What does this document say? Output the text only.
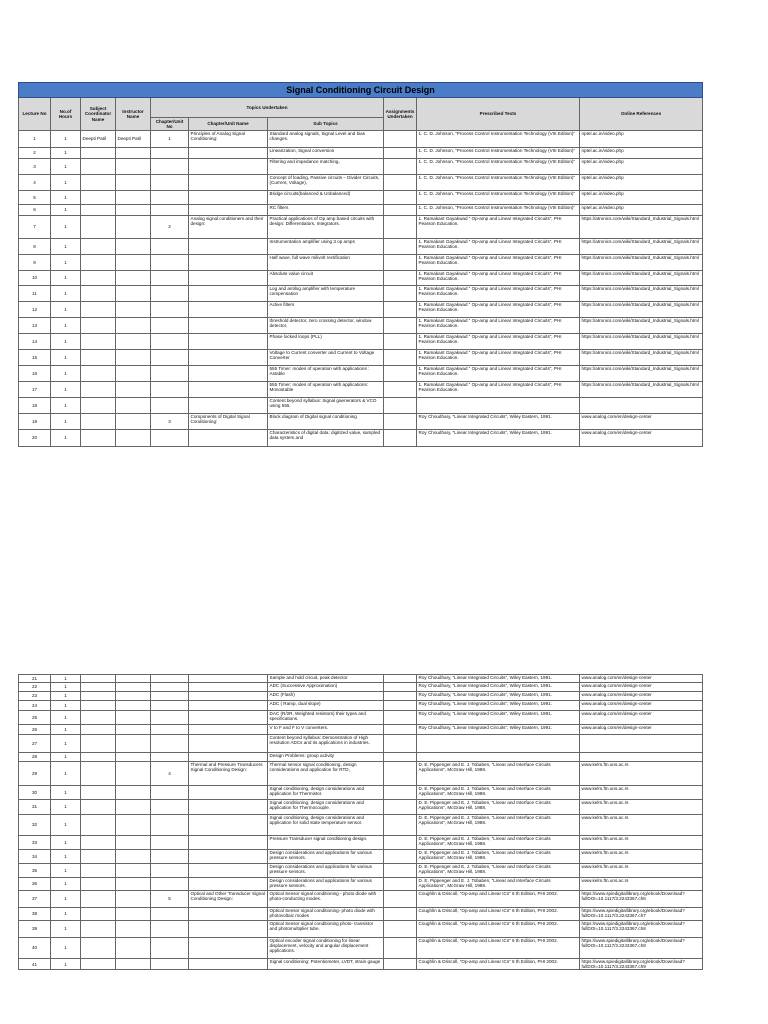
Signal Conditioning Circuit Design									
Lecture No	No.of Hours	Subject Coordinator Name	Instructor Name	Topics Undertaken			Assignments Undertaken	Prescribed Texts	Online References
				Chapter/Unit No	Chapter/Unit Name	Sub Topics			
1	1	Deepti Patil	Deepti Patil	1	Principles of Analog Signal Conditioning:	Standard analog signals, Signal Level and bias changes.		1. C. D. Johnson, “Process Control Instrumentation Technology (VIII Edition)”	nptel.ac.in/video.php
2	1					Linearization, Signal conversion		1. C. D. Johnson, “Process Control Instrumentation Technology (VIII Edition)”	nptel.ac.in/video.php
3	1					Filtering and impedance matching,		1. C. D. Johnson, “Process Control Instrumentation Technology (VIII Edition)”	nptel.ac.in/video.php
4	1					Concept of loading, Passive circuits – Divider Circuits, (Current, Voltage),		1. C. D. Johnson, “Process Control Instrumentation Technology (VIII Edition)”	nptel.ac.in/video.php
5	1					Bridge circuits(balanced & Unbalanced)		1. C. D. Johnson, “Process Control Instrumentation Technology (VIII Edition)”	nptel.ac.in/video.php
6	1					RC filters		1. C. D. Johnson, “Process Control Instrumentation Technology (VIII Edition)”	nptel.ac.in/video.php
7	1			2	Analog signal conditioners and their design:	Practical applications of Op amp based circuits with design: Differentiators, Integrators.		1. Ramakant Gayakwad “ Op-amp and Linear Integrated Circuits”, PHI Pearson Education.	https://atronics.com/wiki/Standard_Industrial_Signals.html
8	1					Instrumentation amplifier using 3 op amps		1. Ramakant Gayakwad “ Op-amp and Linear Integrated Circuits”, PHI Pearson Education.	https://atronics.com/wiki/Standard_Industrial_Signals.html
9	1					Half wave, full wave milivolt rectification		1. Ramakant Gayakwad “ Op-amp and Linear Integrated Circuits”, PHI Pearson Education.	https://atronics.com/wiki/Standard_Industrial_Signals.html
10	1					Absolute value circuit		1. Ramakant Gayakwad “ Op-amp and Linear Integrated Circuits”, PHI Pearson Education.	https://atronics.com/wiki/Standard_Industrial_Signals.html
11	1					Log and antilog amplifier with temperature compensation		1. Ramakant Gayakwad “ Op-amp and Linear Integrated Circuits”, PHI Pearson Education.	https://atronics.com/wiki/Standard_Industrial_Signals.html
12	1					Active filters		1. Ramakant Gayakwad “ Op-amp and Linear Integrated Circuits”, PHI Pearson Education.	https://atronics.com/wiki/Standard_Industrial_Signals.html
13	1					threshold detector, zero crossing detector, window detector,		1. Ramakant Gayakwad “ Op-amp and Linear Integrated Circuits”, PHI Pearson Education.	https://atronics.com/wiki/Standard_Industrial_Signals.html
14	1					Phase locked loops (PLL)		1. Ramakant Gayakwad “ Op-amp and Linear Integrated Circuits”, PHI Pearson Education.	https://atronics.com/wiki/Standard_Industrial_Signals.html
15	1					Voltage to Current converter and Current to Voltage Converter		1. Ramakant Gayakwad “ Op-amp and Linear Integrated Circuits”, PHI Pearson Education.	https://atronics.com/wiki/Standard_Industrial_Signals.html
16	1					555 Timer: modes of operation with applications : Astable		1. Ramakant Gayakwad “ Op-amp and Linear Integrated Circuits”, PHI Pearson Education.	https://atronics.com/wiki/Standard_Industrial_Signals.html
17	1					555 Timer: modes of operation with applications: Monostable		1. Ramakant Gayakwad “ Op-amp and Linear Integrated Circuits”, PHI Pearson Education.	https://atronics.com/wiki/Standard_Industrial_Signals.html
18	1					Content beyond syllabus: Signal gaenerators & VCO using 555.			
19	1			3	Components of Digital Signal Conditioning:	Block diagram of Digital signal conditioning		Roy Choudhary, “Linear Integrated Circuits”, Wiley Eastern, 1991.	www.analog.com/en/design-center
20	1					Characteristics of digital data: digitized value, sampled data system and		Roy Choudhary, “Linear Integrated Circuits”, Wiley Eastern, 1991.	www.analog.com/en/design-center
21	1					Sample and hold circuit, peak detector		Roy Choudhary, “Linear Integrated Circuits”, Wiley Eastern, 1991.	www.analog.com/en/design-center
22	1					ADC (Successive Approximation)		Roy Choudhary, “Linear Integrated Circuits”, Wiley Eastern, 1991.	www.analog.com/en/design-center
23	1					ADC (Flash)		Roy Choudhary, “Linear Integrated Circuits”, Wiley Eastern, 1991.	www.analog.com/en/design-center
24	1					ADC ( Ramp, dual slope)		Roy Choudhary, “Linear Integrated Circuits”, Wiley Eastern, 1991.	www.analog.com/en/design-center
25	1					DAC (R/2R, Weighted resistors) their types and specifications.		Roy Choudhary, “Linear Integrated Circuits”, Wiley Eastern, 1991.	www.analog.com/en/design-center
26	1					V to F and F to V converters.		Roy Choudhary, “Linear Integrated Circuits”, Wiley Eastern, 1991.	www.analog.com/en/design-center
27	1					Content beyond syllabus: Demonstration of High resolution ADCs and its applications in industries.			
28	1					Design Problems: group activity			
29	1			4	Thermal and Pressure Transducers Signal Conditioning Design:	Thermal sensor signal conditioning, design considerations and application for RTD,		D. E. Pippenger and E. J. Tobaben, “Linear and Interface Circuits Applications”, McGraw Hill, 1988.	www.kelm.ftn.uns.ac.rs
30	1					Signal conditioning, design considerations and application for Thermistor.		D. E. Pippenger and E. J. Tobaben, “Linear and Interface Circuits Applications”, McGraw Hill, 1988.	www.kelm.ftn.uns.ac.rs
31	1					Signal conditioning, design considerations and application for Thermocouple.		D. E. Pippenger and E. J. Tobaben, “Linear and Interface Circuits Applications”, McGraw Hill, 1988.	www.kelm.ftn.uns.ac.rs
32	1					Signal conditioning, design considerations and application for solid state temperature sensor.		D. E. Pippenger and E. J. Tobaben, “Linear and Interface Circuits Applications”, McGraw Hill, 1988.	www.kelm.ftn.uns.ac.rs
33	1					Pressure Transducer signal conditioning design.		D. E. Pippenger and E. J. Tobaben, “Linear and Interface Circuits Applications”, McGraw Hill, 1988.	www.kelm.ftn.uns.ac.rs
34	1					Design considerations and applications for various pressure sensors.		D. E. Pippenger and E. J. Tobaben, “Linear and Interface Circuits Applications”, McGraw Hill, 1988.	www.kelm.ftn.uns.ac.rs
35	1					Design considerations and applications for various pressure sensors.		D. E. Pippenger and E. J. Tobaben, “Linear and Interface Circuits Applications”, McGraw Hill, 1988.	www.kelm.ftn.uns.ac.rs
36	1					Design considerations and applications for various pressure sensors.		D. E. Pippenger and E. J. Tobaben, “Linear and Interface Circuits Applications”, McGraw Hill, 1988.	www.kelm.ftn.uns.ac.rs
37	1			5	Optical and Other Transducer Signal Conditioning Design:	Optical Sensor signal conditioning - photo diode with photo-conducting modes.		Coughlin & Driscoll, “Op-amp and Linear ICs” 6 th Edition, PHI 2002.	https://www.spiedigitallibrary.org/ebook/Download?fullDOI=10.1117/3.2243367.ch6
38	1					Optical Sensor signal conditioning- photo diode with photovoltaic modes		Coughlin & Driscoll, “Op-amp and Linear ICs” 6 th Edition, PHI 2002.	https://www.spiedigitallibrary.org/ebook/Download?fullDOI=10.1117/3.2243367.ch7
39	1					Optical Sensor signal conditioning photo- transistor and photomultiplier tube.		Coughlin & Driscoll, “Op-amp and Linear ICs” 6 th Edition, PHI 2002.	https://www.spiedigitallibrary.org/ebook/Download?fullDOI=10.1117/3.2243367.ch8
40	1					Optical encoder signal conditioning for linear displacement, velocity and angular displacement applications.		Coughlin & Driscoll, “Op-amp and Linear ICs” 6 th Edition, PHI 2002.	https://www.spiedigitallibrary.org/ebook/Download?fullDOI=10.1117/3.2243367.ch8
41	1					Signal conditioning: Potentiometer, LVDT, strain gauge		Coughlin & Driscoll, “Op-amp and Linear ICs” 6 th Edition, PHI 2002.	https://www.spiedigitallibrary.org/ebook/Download?fullDOI=10.1117/3.2243367.ch9
